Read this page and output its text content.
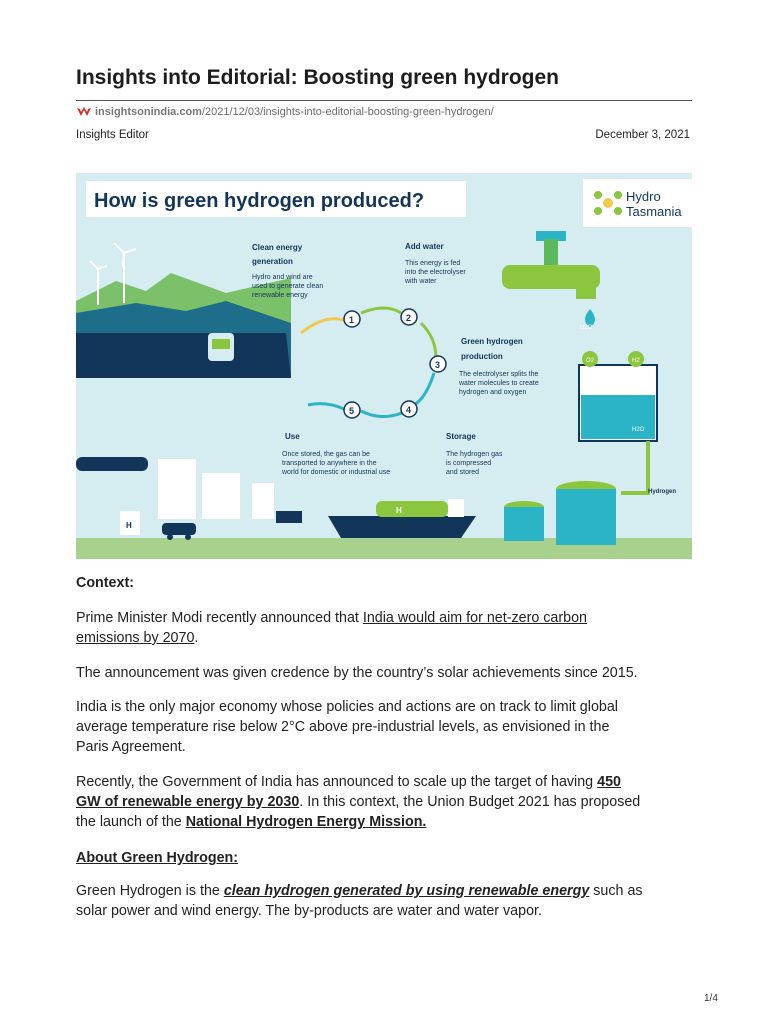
Insights into Editorial: Boosting green hydrogen
insightsonindia.com /2021/12/03/insights-into-editorial-boosting-green-hydrogen/
Insights Editor	December 3, 2021
How is green hydrogen produced?	Hydro
Tasmania
Clean energy
generation
Hydro and wind are
used to generate clean
renewable energy
Add water
This energy is fed
into the electrolyser
with water
Green hydrogen
production
The electrolyser splits the
water molecules to create
hydrogen and oxygen
Storage
The hydrogen gas
is compressed
and stored
Use
Once stored, the gas can be
transported to anywhere in the
world for domestic or industrial use
1	2
3
4
5
H2O
O2	H2
H2O
Hydrogen
H
H

Context:

Prime Minister Modi recently announced that India would aim for net-zero carbon

emissions by 2070.

The announcement was given credence by the country’s solar achievements since 2015.

India is the only major economy whose policies and actions are on track to limit global

average temperature rise below 2°C above pre-industrial levels, as envisioned in the

Paris Agreement.

Recently, the Government of India has announced to scale up the target of having 450

GW of renewable energy by 2030. In this context, the Union Budget 2021 has proposed

the launch of the National Hydrogen Energy Mission.

About Green Hydrogen:

Green Hydrogen is the clean hydrogen generated by using renewable energy such as

solar power and wind energy. The by-products are water and water vapor.

1/4
